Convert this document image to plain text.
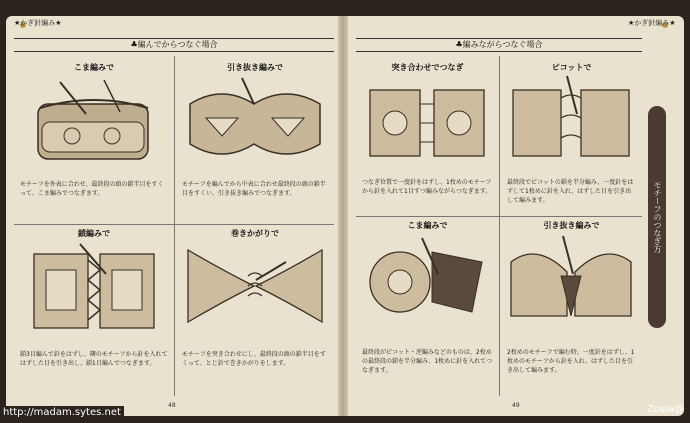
★かぎ針編み★
♣編んでからつなぐ場合
こま編みで
モチーフを外表に合わせ、最終段の頭の鎖半目をすくって、こま編みでつなぎます。
引き抜き編みで
モチーフを編んでから中表に合わせ最終段の頭の鎖半目をすくい、引き抜き編みでつなぎます。
鎖編みで
鎖3目編んで針をはずし、隣のモチーフから針を入れてはずした目を引き出し、鎖1目編んでつなぎます。
巻きかがりで
モチーフを突き合わせにし、最終段の頭の鎖半目をすくって、とじ針で巻きかがりをします。
48
★かぎ針編み★
♣編みながらつなぐ場合
突き合わせでつなぎ
つなぎ位置で一度針をはずし、1枚めのモチーフから針を入れて1目すつ編みながらつなぎます。
ピコットで
最終段でピコットの鎖を半分編み、一度針をはずして1枚めに針を入れ、はずした目を引き出して編みます。
こま編みで
最終段がピコット・逆編みなどのものは、2枚めの最終段の鎖を半分編み、1枚めに針を入れてつなぎます。
引き抜き編みで
2枚めのモチーフで編む時、一度針をはずし、1枚めのモチーフから針を入れ、はずした目を引き出して編みます。
モチーフのつなぎ方
49
http://madam.sytes.net	Zosia@
